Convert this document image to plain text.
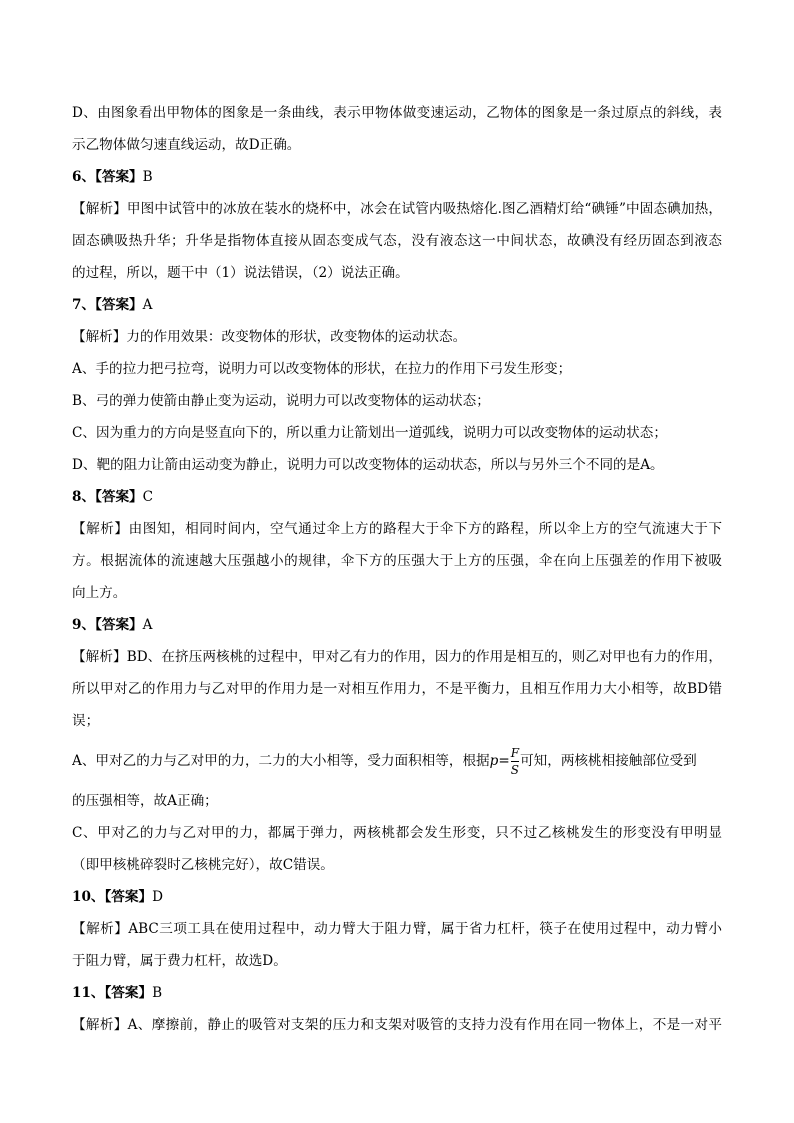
D、由图象看出甲物体的图象是一条曲线，表示甲物体做变速运动，乙物体的图象是一条过原点的斜线，表
示乙物体做匀速直线运动，故D正确。
6、【答案】B
【解析】甲图中试管中的冰放在装水的烧杯中，冰会在试管内吸热熔化.图乙酒精灯给“碘锤”中固态碘加热，
固态碘吸热升华；升华是指物体直接从固态变成气态，没有液态这一中间状态，故碘没有经历固态到液态
的过程，所以，题干中（1）说法错误，（2）说法正确。
7、【答案】A
【解析】力的作用效果：改变物体的形状，改变物体的运动状态。
A、手的拉力把弓拉弯，说明力可以改变物体的形状，在拉力的作用下弓发生形变；
B、弓的弹力使箭由静止变为运动，说明力可以改变物体的运动状态；
C、因为重力的方向是竖直向下的，所以重力让箭划出一道弧线，说明力可以改变物体的运动状态；
D、靶的阻力让箭由运动变为静止，说明力可以改变物体的运动状态，所以与另外三个不同的是A。
8、【答案】C
【解析】由图知，相同时间内，空气通过伞上方的路程大于伞下方的路程，所以伞上方的空气流速大于下
方。根据流体的流速越大压强越小的规律，伞下方的压强大于上方的压强，伞在向上压强差的作用下被吸
向上方。
9、【答案】A
【解析】BD、在挤压两核桃的过程中，甲对乙有力的作用，因力的作用是相互的，则乙对甲也有力的作用，
所以甲对乙的作用力与乙对甲的作用力是一对相互作用力，不是平衡力，且相互作用力大小相等，故BD错
误；
A、甲对乙的力与乙对甲的力，二力的大小相等，受力面积相等，根据$p= \frac{F}{S}$ 可知，两核桃相接触部位受到
的压强相等，故A正确；
C、甲对乙的力与乙对甲的力，都属于弹力，两核桃都会发生形变，只不过乙核桃发生的形变没有甲明显
（即甲核桃碎裂时乙核桃完好），故C错误。
10、【答案】D
【解析】ABC三项工具在使用过程中，动力臂大于阻力臂，属于省力杠杆，筷子在使用过程中，动力臂小
于阻力臂，属于费力杠杆，故选D。
11、【答案】B
【解析】A、摩擦前，静止的吸管对支架的压力和支架对吸管的支持力没有作用在同一物体上，不是一对平
